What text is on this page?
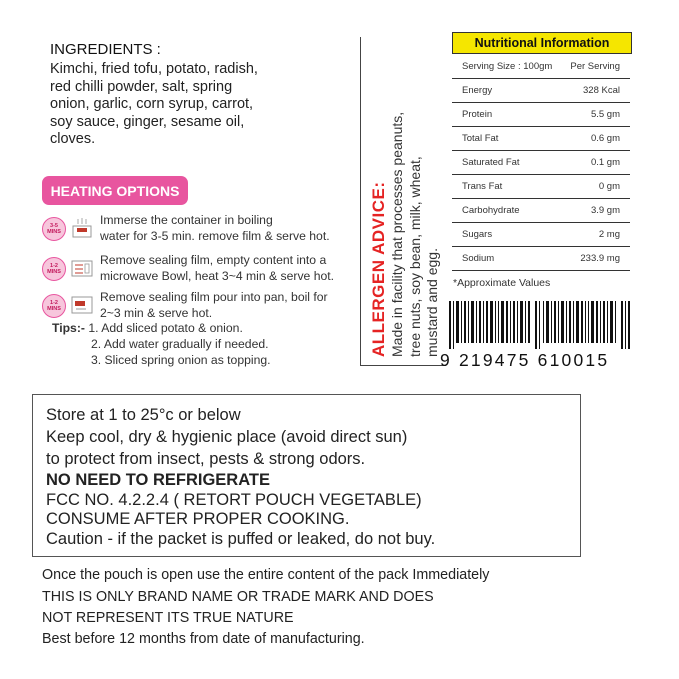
INGREDIENTS :
Kimchi, fried tofu, potato, radish,
red chilli powder, salt, spring
onion, garlic, corn syrup, carrot,
soy sauce, ginger, sesame oil,
cloves.
HEATING OPTIONS
3-5
MINS
Immerse the container in boiling
water for 3-5 min. remove film & serve hot.
1-2
MINS
Remove sealing film, empty content into a
microwave Bowl, heat 3~4 min & serve hot.
1-2
MINS
Remove sealing film pour into pan, boil for
2~3 min & serve hot.
Tips:- 1. Add sliced potato & onion.
2. Add water gradually if needed.
3. Sliced spring onion as topping.
ALLERGEN ADVICE: Made in facility that processes peanuts, tree nuts, soy bean, milk, wheat, mustard and egg.
Nutritional Information
Serving Size : 100gm Per Serving
Energy	328 Kcal
Protein	5.5 gm
Total Fat	0.6 gm
Saturated Fat	0.1 gm
Trans Fat	0 gm
Carbohydrate	3.9 gm
Sugars	2 mg
Sodium	233.9 mg
*Approximate Values
9 219475 610015
Store at 1 to 25°c or below
Keep cool, dry & hygienic place (avoid direct sun)
to protect from insect, pests & strong odors.
NO NEED TO REFRIGERATE
FCC NO. 4.2.2.4 ( RETORT POUCH VEGETABLE)
CONSUME AFTER PROPER COOKING.
Caution - if the packet is puffed or leaked, do not buy.
Once the pouch is open use the entire content of the pack Immediately
THIS IS ONLY BRAND NAME OR TRADE MARK AND DOES
NOT REPRESENT ITS TRUE NATURE
Best before 12 months from date of manufacturing.
